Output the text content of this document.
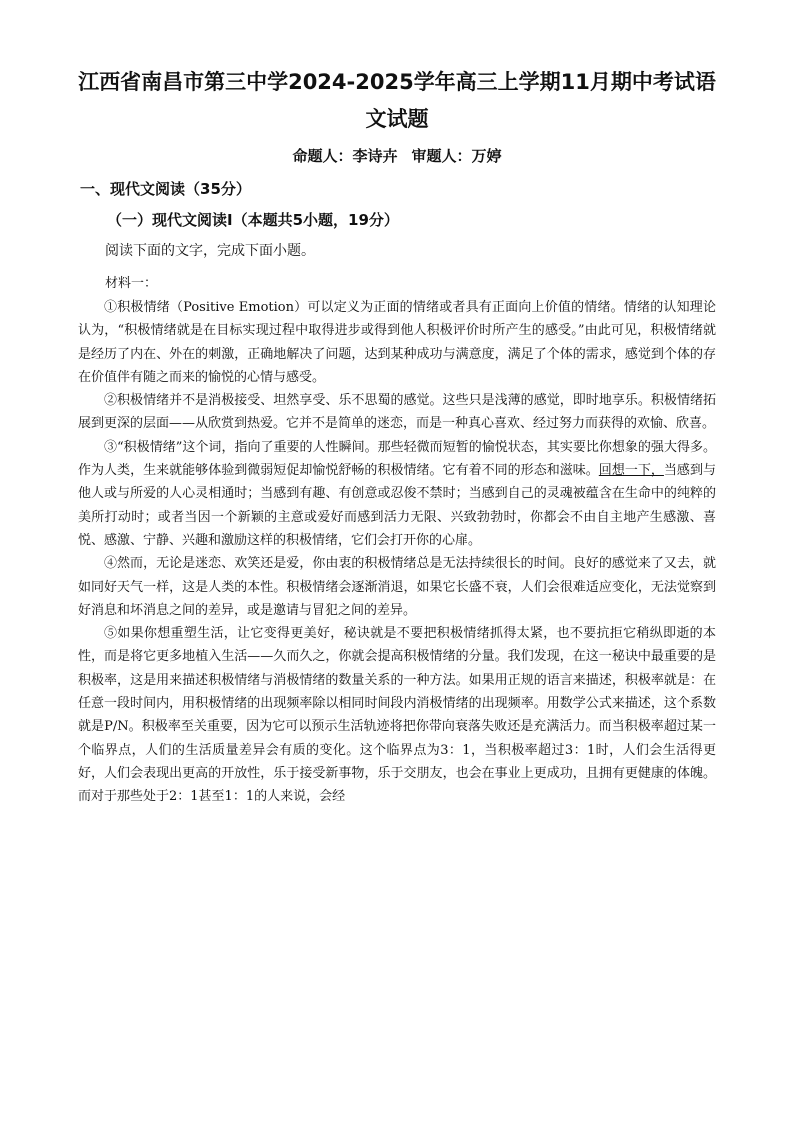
江西省南昌市第三中学2024-2025学年高三上学期11月期中考试语
文试题
命题人：李诗卉 审题人：万婷
一、现代文阅读（35分）
（一）现代文阅读Ⅰ（本题共5小题，19分）
阅读下面的文字，完成下面小题。
材料一：

①积极情绪（Positive Emotion）可以定义为正面的情绪或者具有正面向上价值的情绪。情绪的认知理论认为，“积极情绪就是在目标实现过程中取得进步或得到他人积极评价时所产生的感受。”由此可见，积极情绪就是经历了内在、外在的刺激，正确地解决了问题，达到某种成功与满意度，满足了个体的需求，感觉到个体的存在价值伴有随之而来的愉悦的心情与感受。

②积极情绪并不是消极接受、坦然享受、乐不思蜀的感觉。这些只是浅薄的感觉，即时地享乐。积极情绪拓展到更深的层面——从欣赏到热爱。它并不是简单的迷恋，而是一种真心喜欢、经过努力而获得的欢愉、欣喜。

③“积极情绪”这个词，指向了重要的人性瞬间。那些轻微而短暂的愉悦状态，其实要比你想象的强大得多。作为人类，生来就能够体验到微弱短促却愉悦舒畅的积极情绪。它有着不同的形态和滋味。回想一下，当感到与他人或与所爱的人心灵相通时；当感到有趣、有创意或忍俊不禁时；当感到自己的灵魂被蕴含在生命中的纯粹的美所打动时；或者当因一个新颖的主意或爱好而感到活力无限、兴致勃勃时，你都会不由自主地产生感激、喜悦、感激、宁静、兴趣和激励这样的积极情绪，它们会打开你的心扉。

④然而，无论是迷恋、欢笑还是爱，你由衷的积极情绪总是无法持续很长的时间。良好的感觉来了又去，就如同好天气一样，这是人类的本性。积极情绪会逐渐消退，如果它长盛不衰，人们会很难适应变化，无法觉察到好消息和坏消息之间的差异，或是邀请与冒犯之间的差异。

⑤如果你想重塑生活，让它变得更美好，秘诀就是不要把积极情绪抓得太紧，也不要抗拒它稍纵即逝的本性，而是将它更多地植入生活——久而久之，你就会提高积极情绪的分量。我们发现，在这一秘诀中最重要的是积极率，这是用来描述积极情绪与消极情绪的数量关系的一种方法。如果用正规的语言来描述，积极率就是：在任意一段时间内，用积极情绪的出现频率除以相同时间段内消极情绪的出现频率。用数学公式来描述，这个系数就是P/N。积极率至关重要，因为它可以预示生活轨迹将把你带向衰落失败还是充满活力。而当积极率超过某一个临界点，人们的生活质量差异会有质的变化。这个临界点为3：1，当积极率超过3：1时，人们会生活得更好，人们会表现出更高的开放性，乐于接受新事物，乐于交朋友，也会在事业上更成功，且拥有更健康的体魄。而对于那些处于2：1甚至1：1的人来说，会经
